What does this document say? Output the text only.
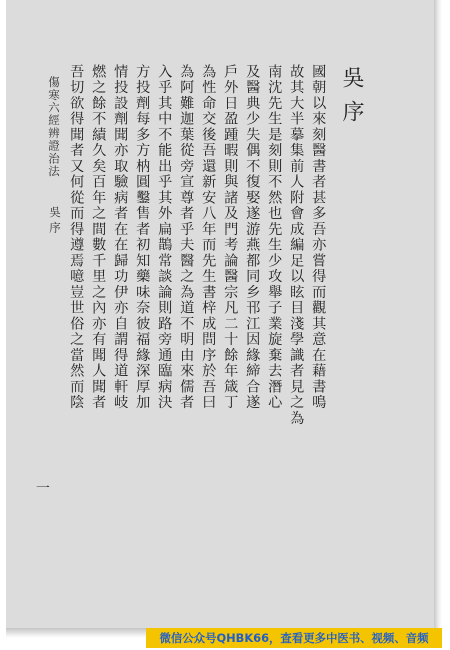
吳序
國朝以來刻醫書者甚多吾亦嘗得而觀其意在藉書鳴
故其大半摹集前人附會成編足以眩目淺學識者見之為
南沈先生是刻則不然也先生少攻舉子業旋棄去潛心
及醫典少失偶不復娶遂游燕都同乡邗江因緣締合遂
戶外日盈踵暇則與諸及門考論醫宗凡二十餘年箴丁
為性命交後吾還新安八年而先生書梓成問序於吾曰
為阿難迦葉從旁宣尊者乎夫醫之為道不明由來儒者
入乎其中不能出乎其外扁鵲常談論則路旁通臨病決
方投劑每多方枘圓鑿售者初知藥味奈彼福緣深厚加
情投設劑聞亦取驗病者在在歸功伊亦自謂得道軒岐
燃之餘不績久矣百年之間數千里之內亦有聞人聞者
吾切欲得聞者又何從而得遵焉噫豈世俗之當然而陰
傷寒六經辨證治法
吳序
一
微信公众号QHBK66，查看更多中医书、视频、音频
